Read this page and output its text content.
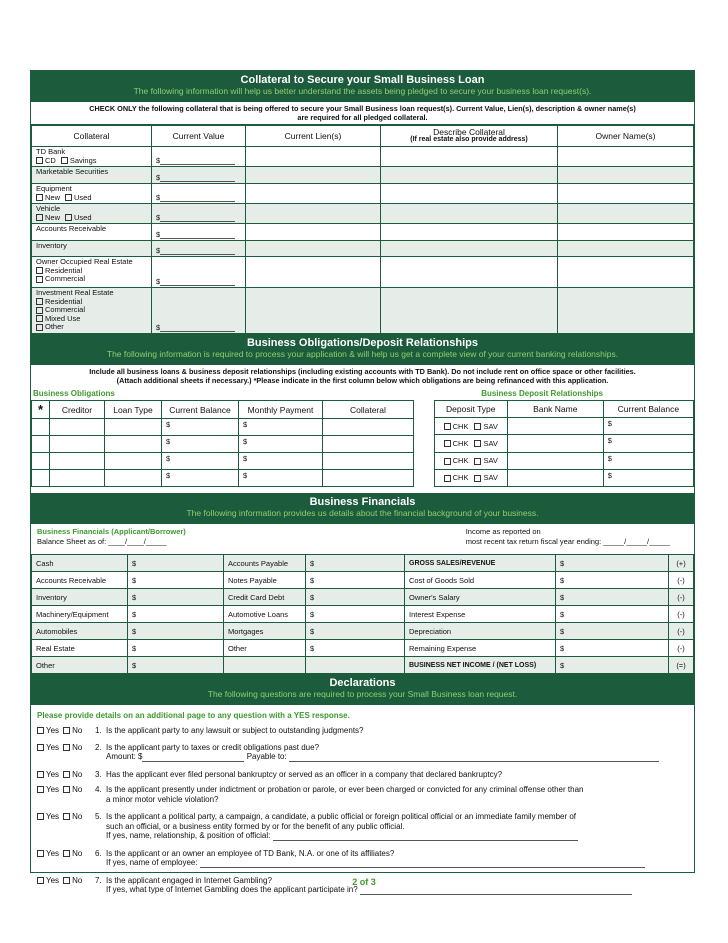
Collateral to Secure your Small Business Loan
The following information will help us better understand the assets being pledged to secure your business loan request(s).
CHECK ONLY the following collateral that is being offered to secure your Small Business loan request(s). Current Value, Lien(s), description & owner name(s)
are required for all pledged collateral.
Collateral	Current Value	Current Lien(s)	Describe Collateral
(If real estate also provide address)	Owner Name(s)

TD Bank
CD Savings	$			

Marketable Securities	$			

Equipment
New Used	$			

Vehicle
New Used	$			

Accounts Receivable	$			

Inventory	$			

Owner Occupied Real Estate
Residential
Commercial	$			

Investment Real Estate
Residential
Commercial
Mixed Use
Other	$			
Business Obligations/Deposit Relationships
The following information is required to process your application & will help us get a complete view of your current banking relationships.
Include all business loans & business deposit relationships (including existing accounts with TD Bank). Do not include rent on office space or other facilities.
(Attach additional sheets if necessary.) *Please indicate in the first column below which obligations are being refinanced with this application.
Business Obligations	Business Deposit Relationships
*	Creditor	Loan Type	Current Balance	Monthly Payment	Collateral
			$	$	
			$	$	
			$	$	
			$	$	
Deposit Type	Bank Name	Current Balance
CHK SAV		$
CHK SAV		$
CHK SAV		$
CHK SAV		$
Business Financials
The following information provides us details about the financial background of your business.
Business Financials (Applicant/Borrower)
Balance Sheet as of: ____/____/_____
Income as reported on
most recent tax return fiscal year ending: _____/_____/_____
Cash	$	Accounts Payable	$	GROSS SALES/REVENUE	$	(+)
Accounts Receivable	$	Notes Payable	$	Cost of Goods Sold	$	(-)
Inventory	$	Credit Card Debt	$	Owner's Salary	$	(-)
Machinery/Equipment	$	Automotive Loans	$	Interest Expense	$	(-)
Automobiles	$	Mortgages	$	Depreciation	$	(-)
Real Estate	$	Other	$	Remaining Expense	$	(-)
Other	$			BUSINESS NET INCOME / (NET LOSS)	$	(=)
Declarations
The following questions are required to process your Small Business loan request.
Please provide details on an additional page to any question with a YES response.
Yes No	1. Is the applicant party to any lawsuit or subject to outstanding judgments?
Yes No	2. Is the applicant party to taxes or credit obligations past due?
Amount: $	Payable to:
Yes No	3. Has the applicant ever filed personal bankruptcy or served as an officer in a company that declared bankruptcy?
Yes No	4. Is the applicant presently under indictment or probation or parole, or ever been charged or convicted for any criminal offense other than
a minor motor vehicle violation?
Yes No	5. Is the applicant a political party, a campaign, a candidate, a public official or foreign political official or an immediate family member of
such an official, or a business entity formed by or for the benefit of any public official.
If yes, name, relationship, & position of official:
Yes No	6. Is the applicant or an owner an employee of TD Bank, N.A. or one of its affiliates?
If yes, name of employee:
Yes No	7. Is the applicant engaged in Internet Gambling?
If yes, what type of Internet Gambling does the applicant participate in?
2 of 3
